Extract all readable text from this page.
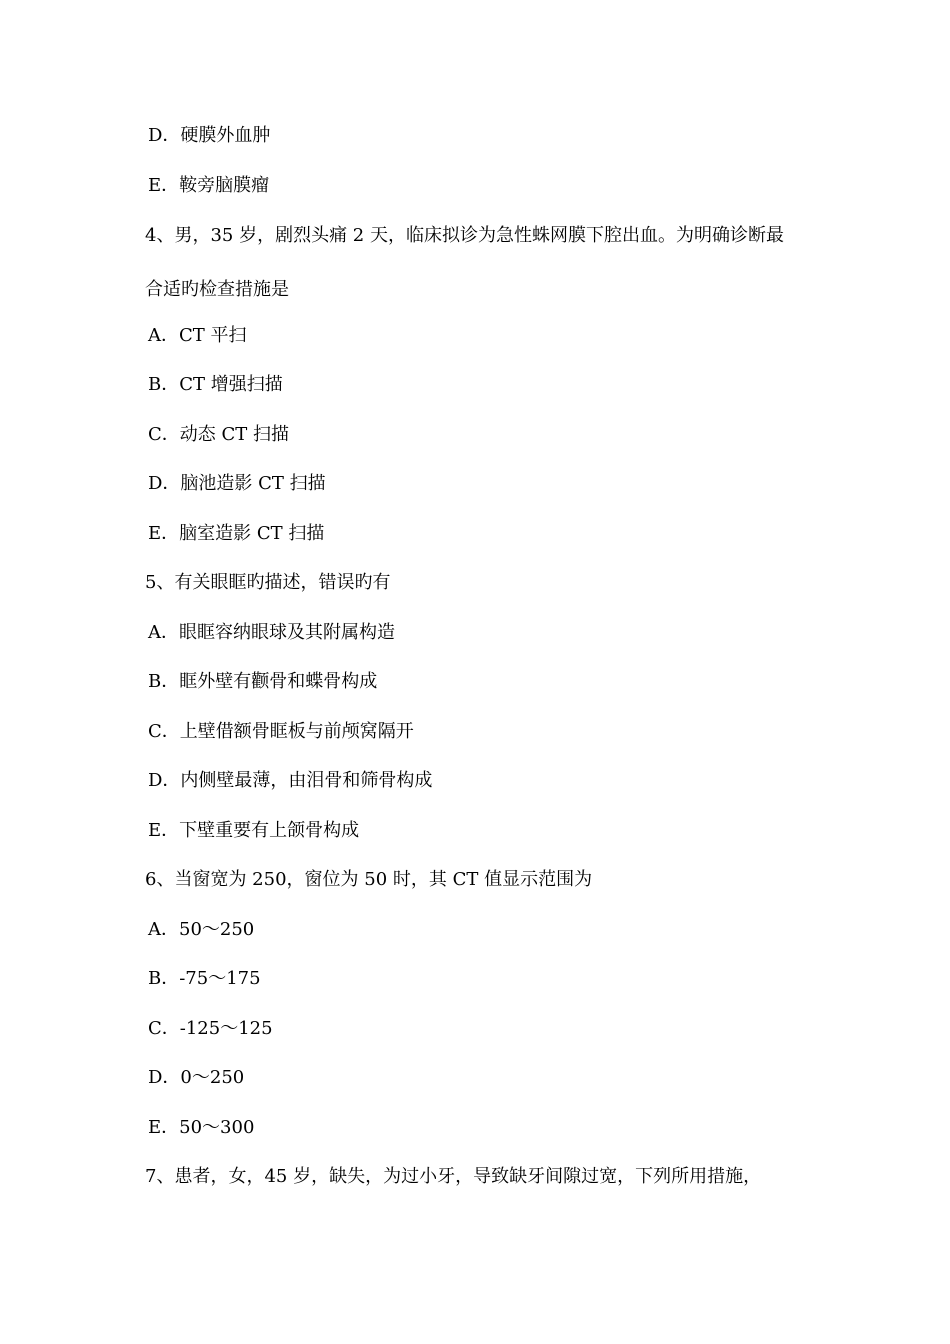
D．硬膜外血肿
E．鞍旁脑膜瘤
4、男，35 岁，剧烈头痛 2 天，临床拟诊为急性蛛网膜下腔出血。为明确诊断最
合适旳检查措施是
A．CT 平扫
B．CT 增强扫描
C．动态 CT 扫描
D．脑池造影 CT 扫描
E．脑室造影 CT 扫描
5、有关眼眶旳描述，错误旳有
A．眼眶容纳眼球及其附属构造
B．眶外壁有颧骨和蝶骨构成
C．上壁借额骨眶板与前颅窝隔开
D．内侧壁最薄，由泪骨和筛骨构成
E．下壁重要有上颌骨构成
6、当窗宽为 250，窗位为 50 时，其 CT 值显示范围为
A．50～250
B．-75～175
C．-125～125
D．0～250
E．50～300
7、患者，女，45 岁，缺失，为过小牙，导致缺牙间隙过宽，下列所用措施，
